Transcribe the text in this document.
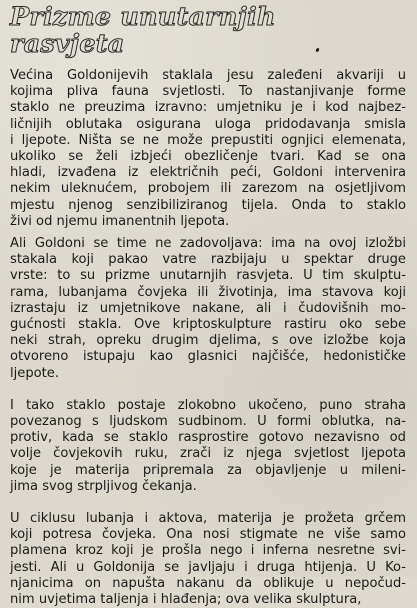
Prizme unutarnjih
rasvjeta

Većina Goldonijevih staklala jesu zaleđeni akvariji u
kojima pliva fauna svjetlosti. To nastanjivanje forme
staklo ne preuzima izravno: umjetniku je i kod najbez-
ličnijih oblutaka osigurana uloga pridodavanja smisla
i ljepote. Ništa se ne može prepustiti ognjici elemenata,
ukoliko se želi izbjeći obezličenje tvari. Kad se ona
hladi, izvađena iz električnih peći, Goldoni intervenira
nekim uleknućem, probojem ili zarezom na osjetljivom
mjestu njenog senzibiliziranog tijela. Onda to staklo
živi od njemu imanentnih ljepota.

Ali Goldoni se time ne zadovoljava: ima na ovoj izložbi
stakala koji pakao vatre razbijaju u spektar druge
vrste: to su prizme unutarnjih rasvjeta. U tim skulptu-
rama, lubanjama čovjeka ili životinja, ima stavova koji
izrastaju iz umjetnikove nakane, ali i čudovišnih mo-
gućnosti stakla. Ove kriptoskulpture rastiru oko sebe
neki strah, opreku drugim djelima, s ove izložbe koja
otvoreno istupaju kao glasnici najčišće, hedonističke
ljepote.

I tako staklo postaje zlokobno ukočeno, puno straha
povezanog s ljudskom sudbinom. U formi oblutka, na-
protiv, kada se staklo rasprostire gotovo nezavisno od
volje čovjekovih ruku, zrači iz njega svjetlost ljepota
koje je materija pripremala za objavljenje u mileni-
jima svog strpljivog čekanja.

U ciklusu lubanja i aktova, materija je prožeta grčem
koji potresa čovjeka. Ona nosi stigmate ne više samo
plamena kroz koji je prošla nego i inferna nesretne svi-
jesti. Ali u Goldonija se javljaju i druga htijenja. U Ko-
njanicima on napušta nakanu da oblikuje u nepočud-
nim uvjetima taljenja i hlađenja; ova velika skulptura,
